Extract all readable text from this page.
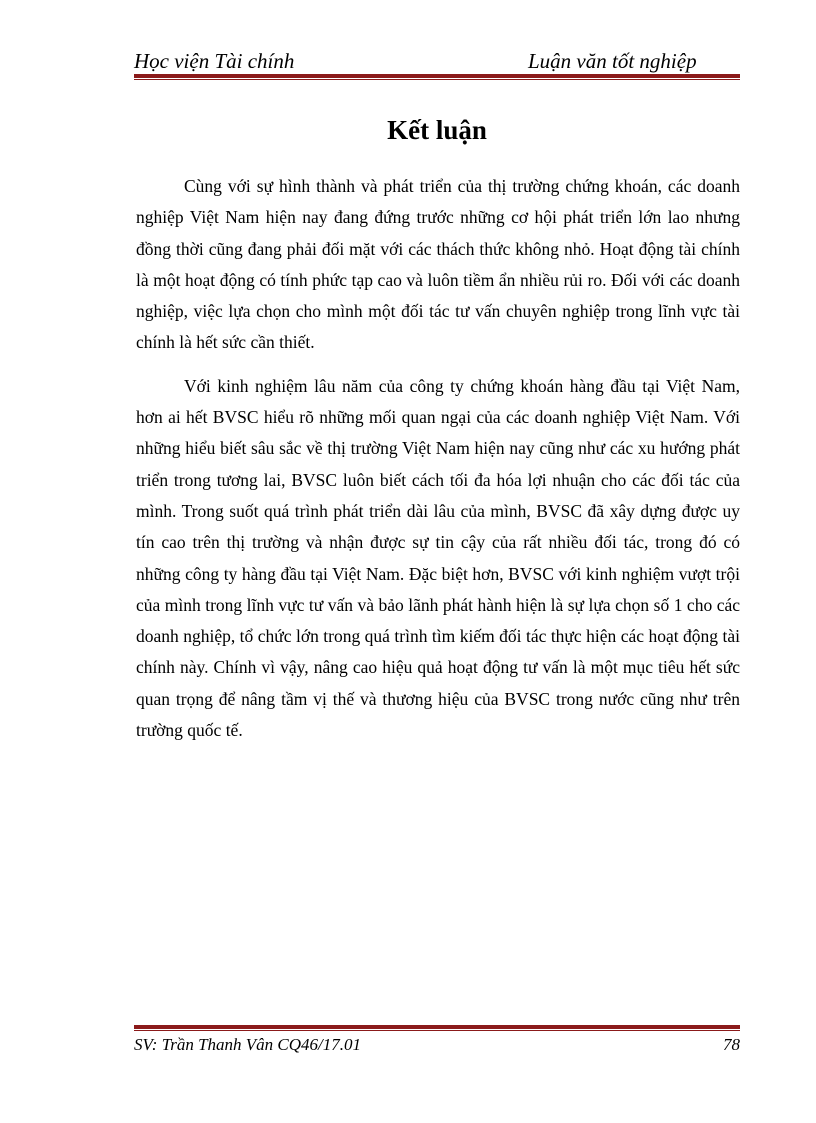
Học viện Tài chính	Luận văn tốt nghiệp
Kết luận

Cùng với sự hình thành và phát triển của thị trường chứng khoán, các doanh nghiệp Việt Nam hiện nay đang đứng trước những cơ hội phát triển lớn lao nhưng đồng thời cũng đang phải đối mặt với các thách thức không nhỏ. Hoạt động tài chính là một hoạt động có tính phức tạp cao và luôn tiềm ẩn nhiều rủi ro. Đối với các doanh nghiệp, việc lựa chọn cho mình một đối tác tư vấn chuyên nghiệp trong lĩnh vực tài chính là hết sức cần thiết.

Với kinh nghiệm lâu năm của công ty chứng khoán hàng đầu tại Việt Nam, hơn ai hết BVSC hiểu rõ những mối quan ngại của các doanh nghiệp Việt Nam. Với những hiểu biết sâu sắc về thị trường Việt Nam hiện nay cũng như các xu hướng phát triển trong tương lai, BVSC luôn biết cách tối đa hóa lợi nhuận cho các đối tác của mình. Trong suốt quá trình phát triển dài lâu của mình, BVSC đã xây dựng được uy tín cao trên thị trường và nhận được sự tin cậy của rất nhiều đối tác, trong đó có những công ty hàng đầu tại Việt Nam. Đặc biệt hơn, BVSC với kinh nghiệm vượt trội của mình trong lĩnh vực tư vấn và bảo lãnh phát hành hiện là sự lựa chọn số 1 cho các doanh nghiệp, tổ chức lớn trong quá trình tìm kiếm đối tác thực hiện các hoạt động tài chính này. Chính vì vậy, nâng cao hiệu quả hoạt động tư vấn là một mục tiêu hết sức quan trọng để nâng tầm vị thế và thương hiệu của BVSC trong nước cũng như trên trường quốc tế.

SV: Trần Thanh Vân CQ46/17.01	78
